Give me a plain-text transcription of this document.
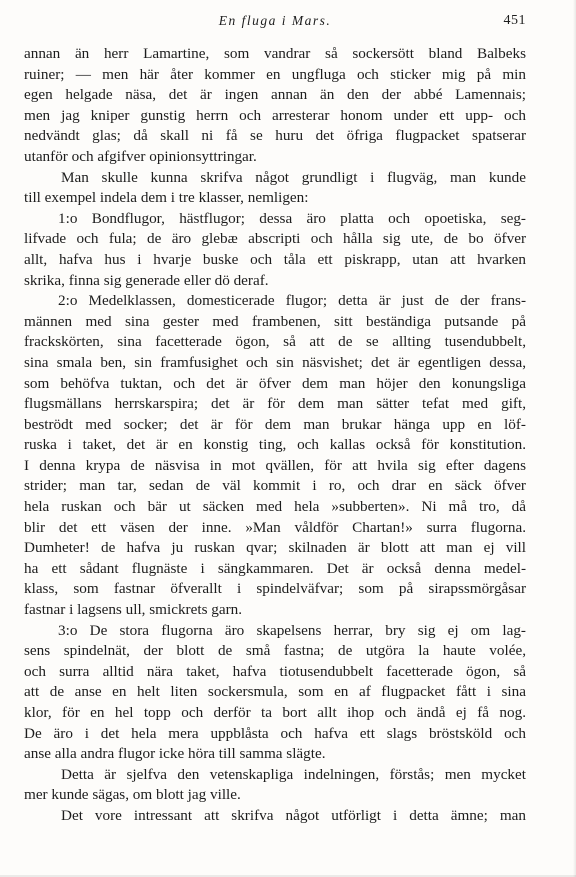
En fluga i Mars.	451
annan än herr Lamartine, som vandrar så sockersött bland Balbeks
ruiner; — men här åter kommer en ungfluga och sticker mig på min
egen helgade näsa, det är ingen annan än den der abbé Lamennais;
men jag kniper gunstig herrn och arresterar honom under ett upp- och
nedvändt glas; då skall ni få se huru det öfriga flugpacket spatserar
utanför och afgifver opinionsyttringar.
Man skulle kunna skrifva något grundligt i flugväg, man kunde
till exempel indela dem i tre klasser, nemligen:
1:o Bondflugor, hästflugor; dessa äro platta och opoetiska, seg-
lifvade och fula; de äro glebæ abscripti och hålla sig ute, de bo öfver
allt, hafva hus i hvarje buske och tåla ett piskrapp, utan att hvarken
skrika, finna sig generade eller dö deraf.
2:o Medelklassen, domesticerade flugor; detta är just de der frans-
männen med sina gester med frambenen, sitt beständiga putsande på
frackskörten, sina facetterade ögon, så att de se allting tusendubbelt,
sina smala ben, sin framfusighet och sin näsvishet; det är egentligen dessa,
som behöfva tuktan, och det är öfver dem man höjer den konungsliga
flugsmällans herrskarspira; det är för dem man sätter tefat med gift,
beströdt med socker; det är för dem man brukar hänga upp en löf-
ruska i taket, det är en konstig ting, och kallas också för konstitution.
I denna krypa de näsvisa in mot qvällen, för att hvila sig efter dagens
strider; man tar, sedan de väl kommit i ro, och drar en säck öfver
hela ruskan och bär ut säcken med hela »subberten». Ni må tro, då
blir det ett väsen der inne. »Man våldför Chartan!» surra flugorna.
Dumheter! de hafva ju ruskan qvar; skilnaden är blott att man ej vill
ha ett sådant flugnäste i sängkammaren. Det är också denna medel-
klass, som fastnar öfverallt i spindelväfvar; som på sirapssmörgåsar
fastnar i lagsens ull, smickrets garn.
3:o De stora flugorna äro skapelsens herrar, bry sig ej om lag-
sens spindelnät, der blott de små fastna; de utgöra la haute volée,
och surra alltid nära taket, hafva tiotusendubbelt facetterade ögon, så
att de anse en helt liten sockersmula, som en af flugpacket fått i sina
klor, för en hel topp och derför ta bort allt ihop och ändå ej få nog.
De äro i det hela mera uppblåsta och hafva ett slags bröstsköld och
anse alla andra flugor icke höra till samma slägte.
Detta är sjelfva den vetenskapliga indelningen, förstås; men mycket
mer kunde sägas, om blott jag ville.
Det vore intressant att skrifva något utförligt i detta ämne; man
